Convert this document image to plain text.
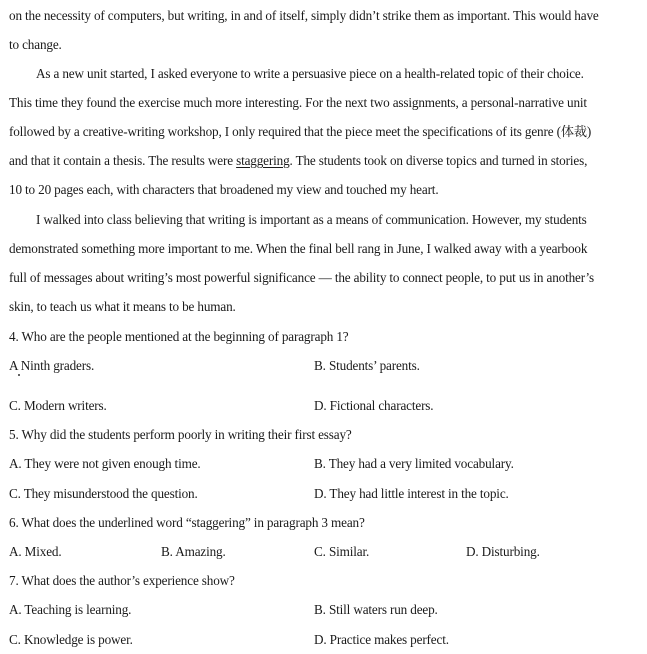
on the necessity of computers, but writing, in and of itself, simply didn’t strike them as important. This would have
to change.
As a new unit started, I asked everyone to write a persuasive piece on a health-related topic of their choice.
This time they found the exercise much more interesting. For the next two assignments, a personal-narrative unit
followed by a creative-writing workshop, I only required that the piece meet the specifications of its genre (体裁)
and that it contain a thesis. The results were staggering. The students took on diverse topics and turned in stories,
10 to 20 pages each, with characters that broadened my view and touched my heart.
I walked into class believing that writing is important as a means of communication. However, my students
demonstrated something more important to me. When the final bell rang in June, I walked away with a yearbook
full of messages about writing’s most powerful significance — the ability to connect people, to put us in another’s
skin, to teach us what it means to be human.
4. Who are the people mentioned at the beginning of paragraph 1?
A Ninth graders.	B. Students’ parents.
C. Modern writers.	D. Fictional characters.
5. Why did the students perform poorly in writing their first essay?
A. They were not given enough time.	B. They had a very limited vocabulary.
C. They misunderstood the question.	D. They had little interest in the topic.
6. What does the underlined word “staggering” in paragraph 3 mean?
A. Mixed.	B. Amazing.	C. Similar.	D. Disturbing.
7. What does the author’s experience show?
A. Teaching is learning.	B. Still waters run deep.
C. Knowledge is power.	D. Practice makes perfect.
